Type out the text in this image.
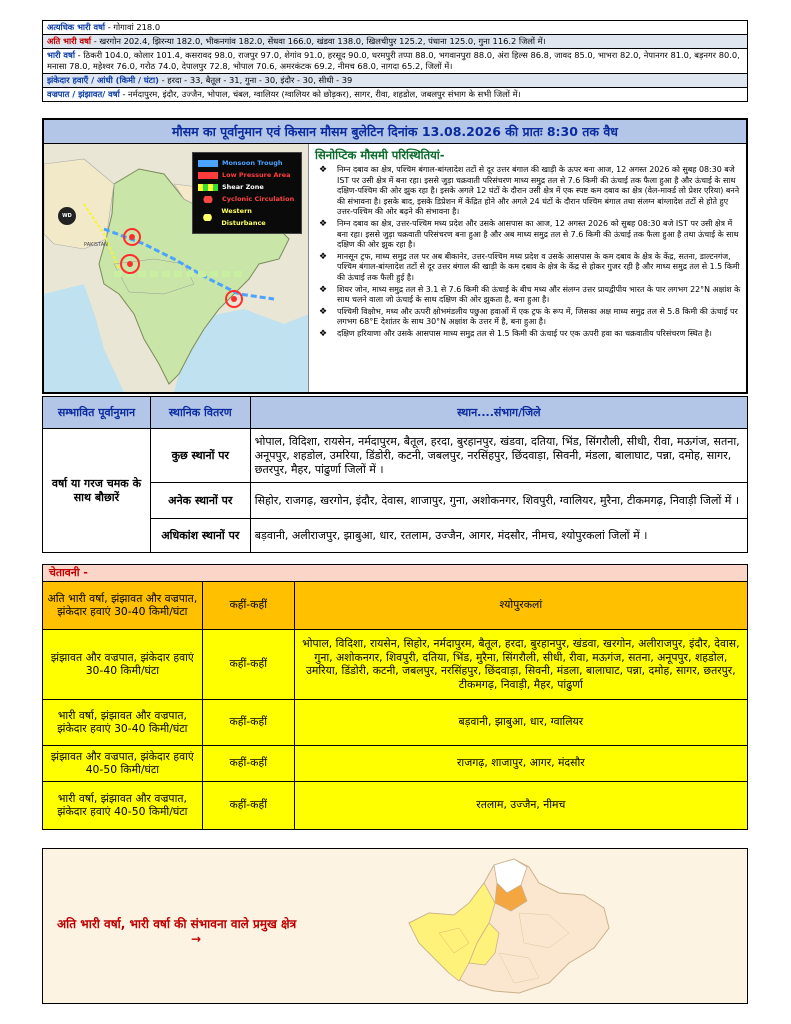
अत्यधिक भारी वर्षा - गोगावां 218.0
अति भारी वर्षा - खरगोन 202.4, झिरन्या 182.0, भीकनगांव 182.0, सेंधवा 166.0, खंडवा 138.0, खिलचीपुर 125.2, पंधाना 125.0, गुना 116.2 जिलों में।
भारी वर्षा - ठिकरी 104.0, कोलार 101.4, कसरावद 98.0, राजपुर 97.0, शेगांव 91.0, हरसूद 90.0, धरमपुरी तप्पा 88.0, भगवानपुरा 88.0, अंरा हिल्स 86.8, जावद 85.0, भाभरा 82.0, नेपानगर 81.0, बड़नगर 80.0, मनासा 78.0, महेश्वर 76.0, गरोठ 74.0, देपालपुर 72.8, भोपाल 70.6, अमरकंटक 69.2, नीमच 68.0, नागदा 65.2, जिलों में।
झंकेदार हवाएँ / आंधी (किमी / घंटा) - हरदा - 33, बैतूल - 31, गुना - 30, इंदौर - 30, सीधी - 39
वज्रपात / झंझावत/ वर्षा - नर्मदापुरम, इंदौर, उज्जैन, भोपाल, चंबल, ग्वालियर (ग्वालियर को छोड़कर), सागर, रीवा, शहडोल, जबलपुर संभाग के सभी जिलों में।
मौसम का पूर्वानुमान एवं किसान मौसम बुलेटिन दिनांक 13.08.2026 की प्रातः 8:30 तक वैध
Monsoon Trough
Low Pressure Area
Shear Zone
Cyclonic Circulation
Western Disturbance
WD
PAKISTAN
सिनोप्टिक मौसमी परिस्थितियां-
❖ निम्न दबाव का क्षेत्र, पश्चिम बंगाल-बांग्लादेश तटों से दूर उत्तर बंगाल की खाड़ी के ऊपर बना आज, 12 अगस्त 2026 को सुबह 08:30 बजे IST पर उसी क्षेत्र में बना रहा। इससे जुड़ा चक्रवाती परिसंचरण माध्य समुद्र तल से 7.6 किमी की ऊंचाई तक फैला हुआ है और ऊंचाई के साथ दक्षिण-पश्चिम की ओर झुक रहा है। इसके अगले 12 घंटों के दौरान उसी क्षेत्र में एक स्पष्ट कम दबाव का क्षेत्र (वेल-मार्क्ड लो प्रेशर एरिया) बनने की संभावना है। इसके बाद, इसके डिप्रेशन में केंद्रित होने और अगले 24 घंटों के दौरान पश्चिम बंगाल तथा संलग्न बांग्लादेश तटों से होते हुए उत्तर-पश्चिम की ओर बढ़ने की संभावना है।
❖ निम्न दबाव का क्षेत्र, उत्तर-पश्चिम मध्य प्रदेश और उसके आसपास का आज, 12 अगस्त 2026 को सुबह 08:30 बजे IST पर उसी क्षेत्र में बना रहा। इससे जुड़ा चक्रवाती परिसंचरण बना हुआ है और अब माध्य समुद्र तल से 7.6 किमी की ऊंचाई तक फैला हुआ है तथा ऊंचाई के साथ दक्षिण की ओर झुक रहा है।
❖ मानसून ट्रफ, माध्य समुद्र तल पर अब बीकानेर, उत्तर-पश्चिम मध्य प्रदेश व उसके आसपास के कम दबाव के क्षेत्र के केंद्र, सतना, डाल्टनगंज, पश्चिम बंगाल-बांग्लादेश तटों से दूर उत्तर बंगाल की खाड़ी के कम दबाव के क्षेत्र के केंद्र से होकर गुजर रही है और माध्य समुद्र तल से 1.5 किमी की ऊंचाई तक फैली हुई है।
❖ शियर जोन, माध्य समुद्र तल से 3.1 से 7.6 किमी की ऊंचाई के बीच मध्य और संलग्न उत्तर प्रायद्वीपीय भारत के पार लगभग 22°N अक्षांश के साथ चलने वाला जो ऊंचाई के साथ दक्षिण की ओर झुकता है, बना हुआ है।
❖ पश्चिमी विक्षोभ, मध्य और ऊपरी क्षोभमंडलीय पछुआ हवाओं में एक ट्रफ के रूप में, जिसका अक्ष माध्य समुद्र तल से 5.8 किमी की ऊंचाई पर लगभग 68°E देशांतर के साथ 30°N अक्षांश के उत्तर में है, बना हुआ है।
❖ दक्षिण हरियाणा और उसके आसपास माध्य समुद्र तल से 1.5 किमी की ऊंचाई पर एक ऊपरी हवा का चक्रवातीय परिसंचरण स्थित है।
सम्भावित पूर्वानुमान	स्थानिक वितरण	स्थान....संभाग/जिले
वर्षा या गरज चमक के साथ बौछारें	कुछ स्थानों पर	भोपाल, विदिशा, रायसेन, नर्मदापुरम, बैतूल, हरदा, बुरहानपुर, खंडवा, दतिया, भिंड, सिंगरौली, सीधी, रीवा, मऊगंज, सतना, अनूपपुर, शहडोल, उमरिया, डिंडोरी, कटनी, जबलपुर, नरसिंहपुर, छिंदवाड़ा, सिवनी, मंडला, बालाघाट, पन्ना, दमोह, सागर, छतरपुर, मैहर, पांढुर्णा जिलों में ।
	अनेक स्थानों पर	सिहोर, राजगढ़, खरगोन, इंदौर, देवास, शाजापुर, गुना, अशोकनगर, शिवपुरी, ग्वालियर, मुरैना, टीकमगढ़, निवाड़ी जिलों में ।
	अधिकांश स्थानों पर	बड़वानी, अलीराजपुर, झाबुआ, धार, रतलाम, उज्जैन, आगर, मंदसौर, नीमच, श्योपुरकलां जिलों में ।
चेतावनी -		
अति भारी वर्षा, झंझावत और वज्रपात, झंकेदार हवाएं 30-40 किमी/घंटा	कहीं-कहीं	श्योपुरकलां
झंझावत और वज्रपात, झंकेदार हवाएं 30-40 किमी/घंटा	कहीं-कहीं	भोपाल, विदिशा, रायसेन, सिहोर, नर्मदापुरम, बैतूल, हरदा, बुरहानपुर, खंडवा, खरगोन, अलीराजपुर, इंदौर, देवास, गुना, अशोकनगर, शिवपुरी, दतिया, भिंड, मुरैना, सिंगरौली, सीधी, रीवा, मऊगंज, सतना, अनूपपुर, शहडोल, उमरिया, डिंडोरी, कटनी, जबलपुर, नरसिंहपुर, छिंदवाड़ा, सिवनी, मंडला, बालाघाट, पन्ना, दमोह, सागर, छतरपुर, टीकमगढ़, निवाड़ी, मैहर, पांढुर्णा
भारी वर्षा, झंझावत और वज्रपात, झंकेदार हवाएं 30-40 किमी/घंटा	कहीं-कहीं	बड़वानी, झाबुआ, धार, ग्वालियर
झंझावत और वज्रपात, झंकेदार हवाएं 40-50 किमी/घंटा	कहीं-कहीं	राजगढ़, शाजापुर, आगर, मंदसौर
भारी वर्षा, झंझावत और वज्रपात, झंकेदार हवाएं 40-50 किमी/घंटा	कहीं-कहीं	रतलाम, उज्जैन, नीमच
अति भारी वर्षा, भारी वर्षा की संभावना वाले प्रमुख क्षेत्र
→
